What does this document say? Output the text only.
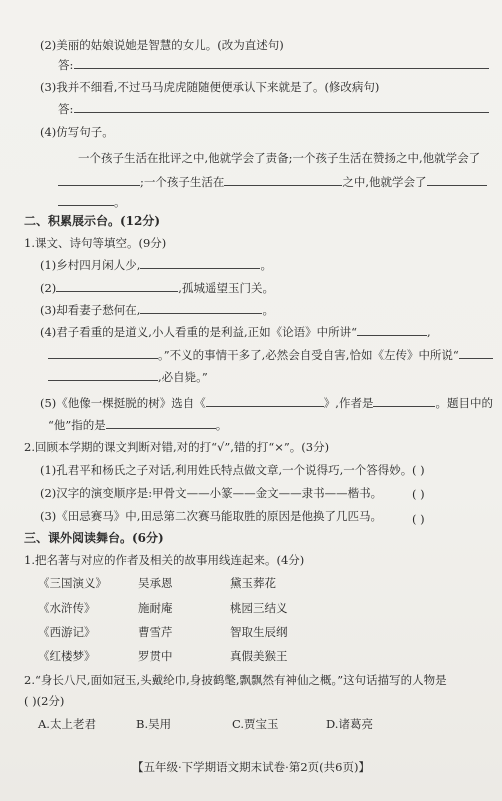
(2)美丽的姑娘说她是智慧的女儿。(改为直述句)
答:
(3)我并不细看,不过马马虎虎随随便便承认下来就是了。(修改病句)
答:
(4)仿写句子。
一个孩子生活在批评之中,他就学会了责备;一个孩子生活在赞扬之中,他就学会了
;一个孩子生活在	之中,他就学会了
。
二、积累展示台。(12分)
1.课文、诗句等填空。(9分)
(1)乡村四月闲人少,	。
(2)	,孤城遥望玉门关。
(3)却看妻子愁何在,	。
(4)君子看重的是道义,小人看重的是利益,正如《论语》中所讲“	,
。”不义的事情干多了,必然会自受自害,恰如《左传》中所说“
,必自毙。”
(5)《他像一棵挺脱的树》选自《	》,作者是	。题目中的
“他”指的是	。
2.回顾本学期的课文判断对错,对的打“√”,错的打“×”。(3分)
(1)孔君平和杨氏之子对话,利用姓氏特点做文章,一个说得巧,一个答得妙。 ( )
(2)汉字的演变顺序是:甲骨文——小篆——金文——隶书——楷书。	( )
(3)《田忌赛马》中,田忌第二次赛马能取胜的原因是他换了几匹马。	( )
三、课外阅读舞台。(6分)
1.把名著与对应的作者及相关的故事用线连起来。(4分)
《三国演义》	吴承恩	黛玉葬花
《水浒传》	施耐庵	桃园三结义
《西游记》	曹雪芹	智取生辰纲
《红楼梦》	罗贯中	真假美猴王
2.“身长八尺,面如冠玉,头戴纶巾,身披鹤氅,飘飘然有神仙之概。”这句话描写的人物是
( )(2分)
A.太上老君	B.吴用	C.贾宝玉	D.诸葛亮
【五年级·下学期语文期末试卷·第2页(共6页)】
